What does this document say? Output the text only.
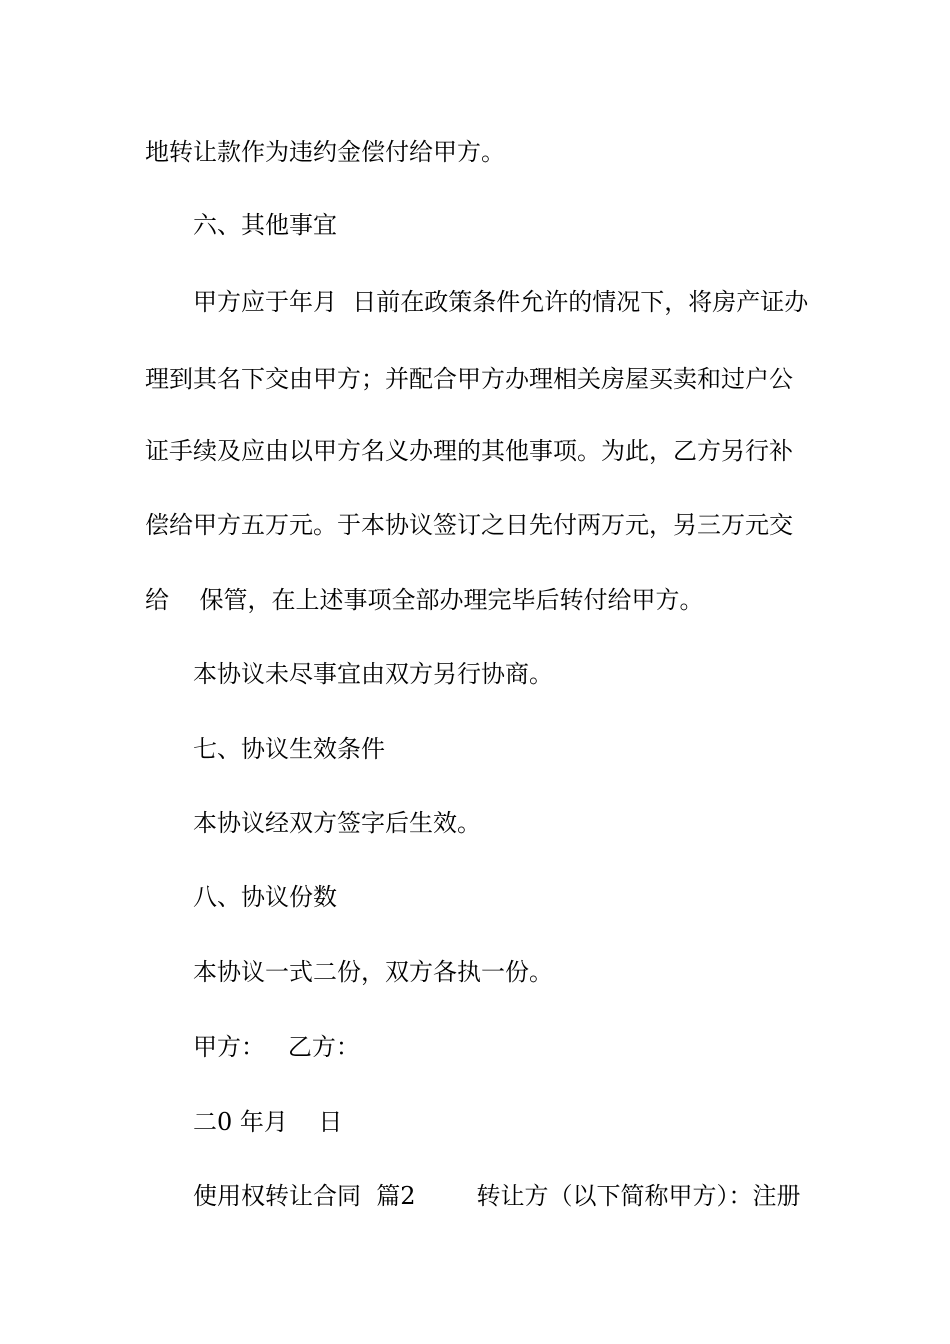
地转让款作为违约金偿付给甲方。
六、其他事宜
甲方应于年月  日前在政策条件允许的情况下，将房产证办
理到其名下交由甲方；并配合甲方办理相关房屋买卖和过户公
证手续及应由以甲方名义办理的其他事项。为此，乙方另行补
偿给甲方五万元。于本协议签订之日先付两万元，另三万元交
给    保管，在上述事项全部办理完毕后转付给甲方。
本协议未尽事宜由双方另行协商。
七、协议生效条件
本协议经双方签字后生效。
八、协议份数
本协议一式二份，双方各执一份。
甲方：   乙方：
二0 年月    日
使用权转让合同  篇2        转让方（以下简称甲方）：注册
